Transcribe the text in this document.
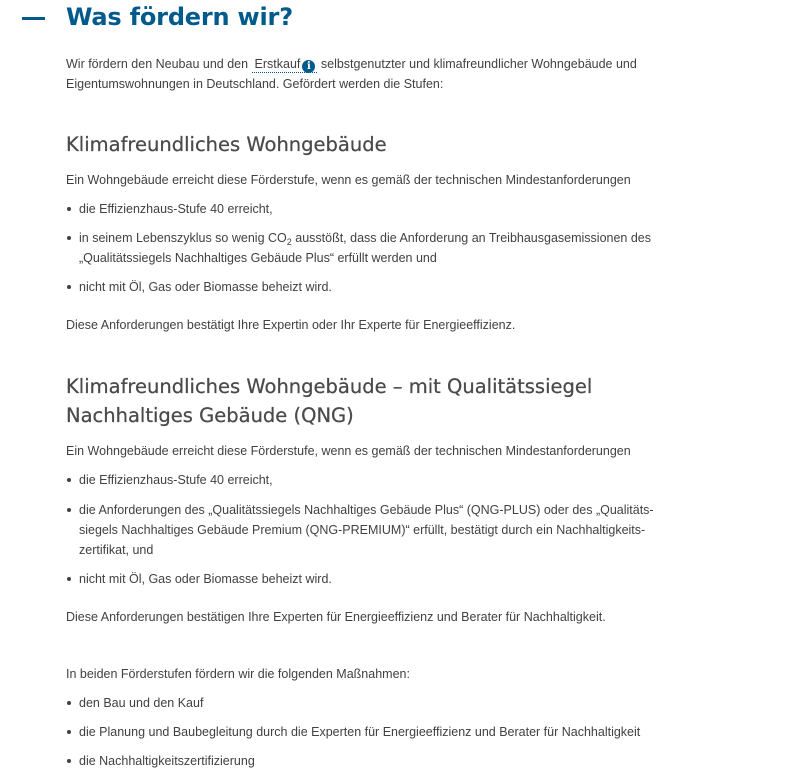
Was fördern wir?

Wir fördern den Neubau und den Erstkauf i selbstgenutzter und klimafreundlicher Wohngebäude und Eigentumswohnungen in Deutschland. Gefördert werden die Stufen:

Klimafreundliches Wohngebäude

Ein Wohngebäude erreicht diese Förderstufe, wenn es gemäß der technischen Mindestanforderungen

die Effizienzhaus-Stufe 40 erreicht,
in seinem Lebenszyklus so wenig $CO_2$ ausstößt, dass die Anforderung an Treibhausgasemissionen des „Qualitätssiegels Nachhaltiges Gebäude Plus“ erfüllt werden und
nicht mit Öl, Gas oder Biomasse beheizt wird.

Diese Anforderungen bestätigt Ihre Expertin oder Ihr Experte für Energieeffizienz.

Klimafreundliches Wohngebäude – mit Qualitätssiegel
Nachhaltiges Gebäude (QNG)

Ein Wohngebäude erreicht diese Förderstufe, wenn es gemäß der technischen Mindestanforderungen

die Effizienzhaus-Stufe 40 erreicht,
die Anforderungen des „Qualitätssiegels Nachhaltiges Gebäude Plus“ (QNG-PLUS) oder des „Qualitäts-
siegels Nachhaltiges Gebäude Premium (QNG-PREMIUM)“ erfüllt, bestätigt durch ein Nachhaltigkeits-
zertifikat, und
nicht mit Öl, Gas oder Biomasse beheizt wird.

Diese Anforderungen bestätigen Ihre Experten für Energieeffizienz und Berater für Nachhaltigkeit.

In beiden Förderstufen fördern wir die folgenden Maßnahmen:

den Bau und den Kauf
die Planung und Baubegleitung durch die Experten für Energieeffizienz und Berater für Nachhaltigkeit
die Nachhaltigkeitszertifizierung
